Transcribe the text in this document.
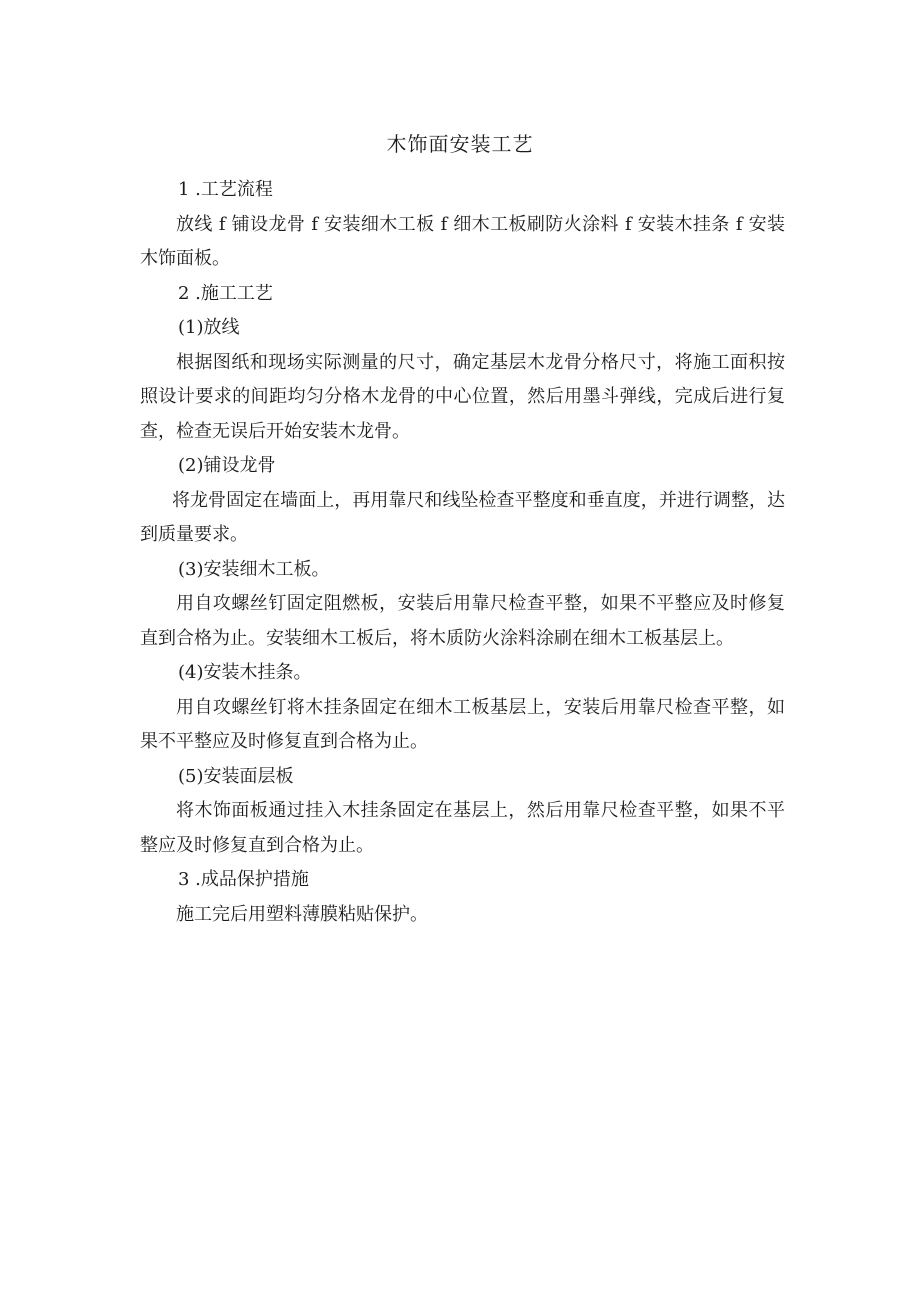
木饰面安装工艺

1 .工艺流程

放线 f 铺设龙骨 f 安装细木工板 f 细木工板刷防火涂料 f 安装木挂条 f 安装木饰面板。

2 .施工工艺

(1)放线

根据图纸和现场实际测量的尺寸，确定基层木龙骨分格尺寸，将施工面积按照设计要求的间距均匀分格木龙骨的中心位置，然后用墨斗弹线，完成后进行复查，检查无误后开始安装木龙骨。

(2)铺设龙骨

将龙骨固定在墙面上，再用靠尺和线坠检查平整度和垂直度，并进行调整，达到质量要求。

(3)安装细木工板。

用自攻螺丝钉固定阻燃板，安装后用靠尺检查平整，如果不平整应及时修复直到合格为止。安装细木工板后，将木质防火涂料涂刷在细木工板基层上。

(4)安装木挂条。

用自攻螺丝钉将木挂条固定在细木工板基层上，安装后用靠尺检查平整，如果不平整应及时修复直到合格为止。

(5)安装面层板

将木饰面板通过挂入木挂条固定在基层上，然后用靠尺检查平整，如果不平整应及时修复直到合格为止。

3 .成品保护措施

施工完后用塑料薄膜粘贴保护。
